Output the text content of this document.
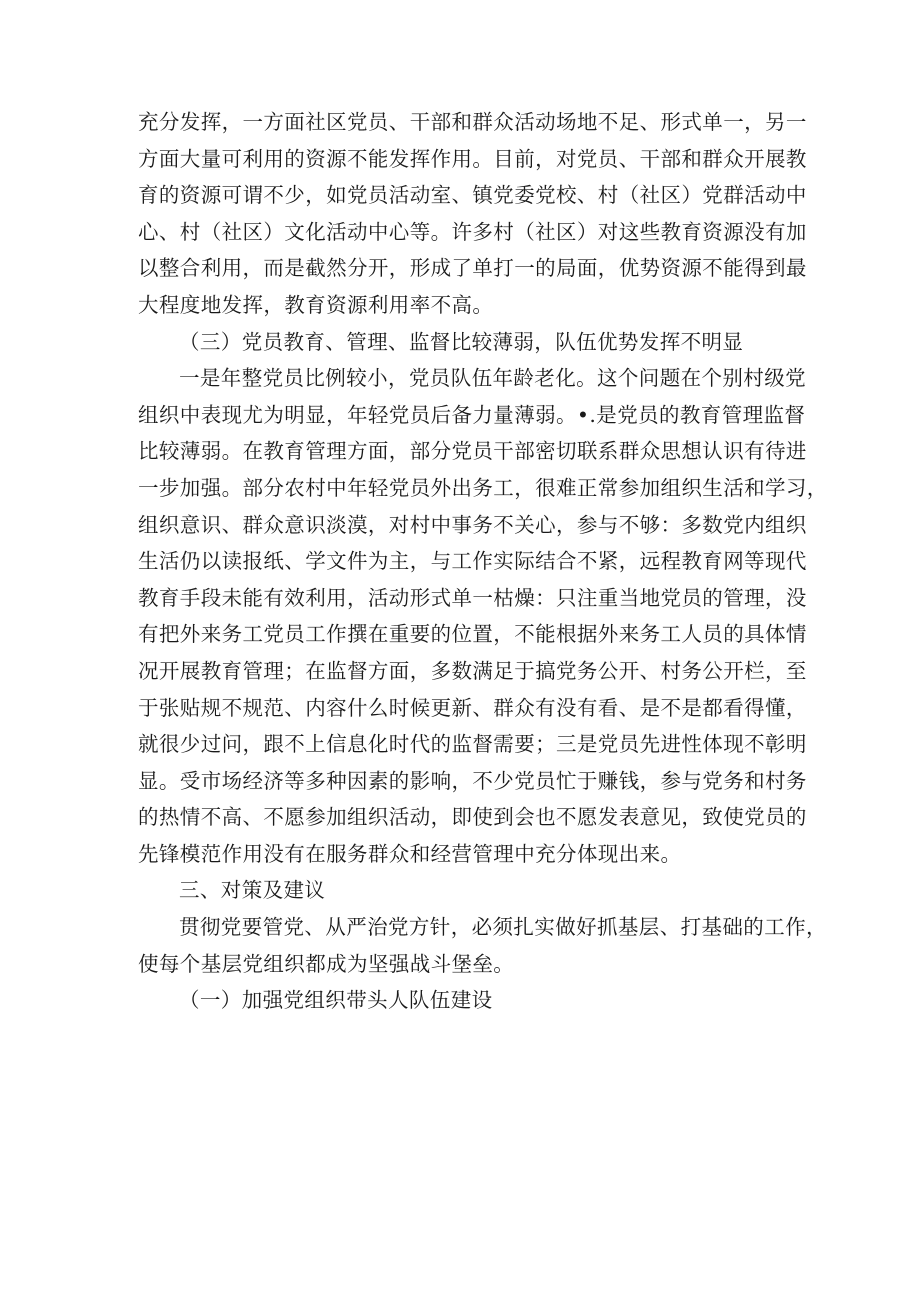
充分发挥，一方面社区党员、干部和群众活动场地不足、形式单一，另一
方面大量可利用的资源不能发挥作用。目前，对党员、干部和群众开展教
育的资源可谓不少，如党员活动室、镇党委党校、村（社区）党群活动中
心、村（社区）文化活动中心等。许多村（社区）对这些教育资源没有加
以整合利用，而是截然分开，形成了单打一的局面，优势资源不能得到最
大程度地发挥，教育资源利用率不高。
（三）党员教育、管理、监督比较薄弱，队伍优势发挥不明显
一是年整党员比例较小，党员队伍年龄老化。这个问题在个别村级党
组织中表现尤为明显，年轻党员后备力量薄弱。•.是党员的教育管理监督
比较薄弱。在教育管理方面，部分党员干部密切联系群众思想认识有待进
一步加强。部分农村中年轻党员外出务工，很难正常参加组织生活和学习，
组织意识、群众意识淡漠，对村中事务不关心，参与不够：多数党内组织
生活仍以读报纸、学文件为主，与工作实际结合不紧，远程教育网等现代
教育手段未能有效利用，活动形式单一枯燥：只注重当地党员的管理，没
有把外来务工党员工作撰在重要的位置，不能根据外来务工人员的具体情
况开展教育管理；在监督方面，多数满足于搞党务公开、村务公开栏，至
于张贴规不规范、内容什么时候更新、群众有没有看、是不是都看得懂，
就很少过问，跟不上信息化时代的监督需要；三是党员先进性体现不彰明
显。受市场经济等多种因素的影响，不少党员忙于赚钱，参与党务和村务
的热情不高、不愿参加组织活动，即使到会也不愿发表意见，致使党员的
先锋模范作用没有在服务群众和经营管理中充分体现出来。
三、对策及建议
贯彻党要管党、从严治党方针，必须扎实做好抓基层、打基础的工作，
使每个基层党组织都成为坚强战斗堡垒。
（一）加强党组织带头人队伍建设
